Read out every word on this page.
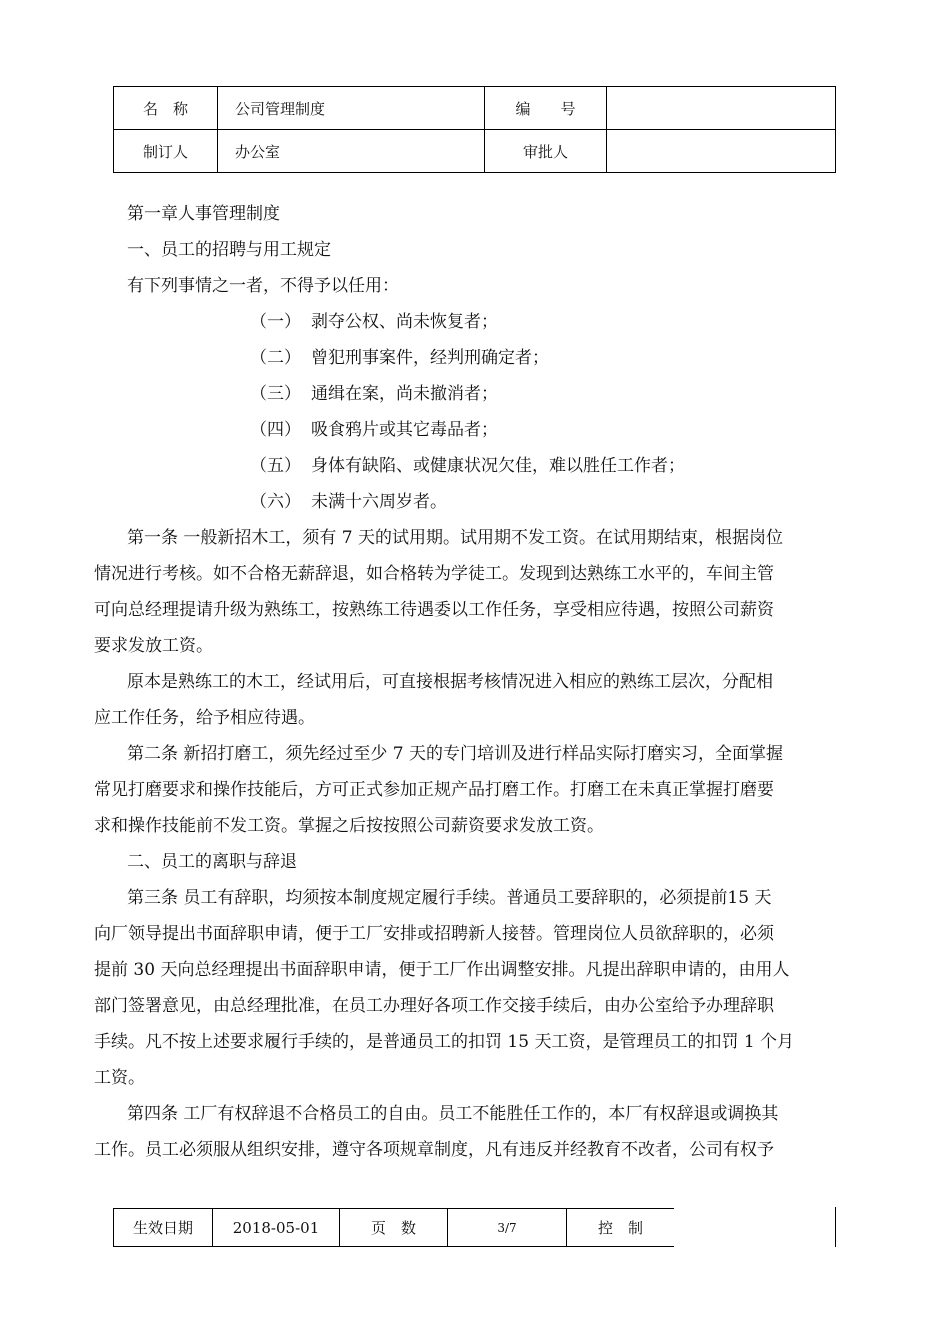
名　称	公司管理制度	编　　号	
制订人	办公室	审批人	
第一章人事管理制度
一、员工的招聘与用工规定
有下列事情之一者，不得予以任用：
（一） 剥夺公权、尚未恢复者；
（二） 曾犯刑事案件，经判刑确定者；
（三） 通缉在案，尚未撤消者；
（四） 吸食鸦片或其它毒品者；
（五） 身体有缺陷、或健康状况欠佳，难以胜任工作者；
（六） 未满十六周岁者。
第一条 一般新招木工，须有 7 天的试用期。试用期不发工资。在试用期结束，根据岗位
情况进行考核。如不合格无薪辞退，如合格转为学徒工。发现到达熟练工水平的，车间主管
可向总经理提请升级为熟练工，按熟练工待遇委以工作任务，享受相应待遇，按照公司薪资
要求发放工资。
原本是熟练工的木工，经试用后，可直接根据考核情况进入相应的熟练工层次，分配相
应工作任务，给予相应待遇。
第二条 新招打磨工，须先经过至少 7 天的专门培训及进行样品实际打磨实习，全面掌握
常见打磨要求和操作技能后，方可正式参加正规产品打磨工作。打磨工在未真正掌握打磨要
求和操作技能前不发工资。掌握之后按按照公司薪资要求发放工资。
二、员工的离职与辞退
第三条 员工有辞职，均须按本制度规定履行手续。普通员工要辞职的，必须提前15 天
向厂领导提出书面辞职申请，便于工厂安排或招聘新人接替。管理岗位人员欲辞职的，必须
提前 30 天向总经理提出书面辞职申请，便于工厂作出调整安排。凡提出辞职申请的，由用人
部门签署意见，由总经理批准，在员工办理好各项工作交接手续后，由办公室给予办理辞职
手续。凡不按上述要求履行手续的，是普通员工的扣罚 15 天工资，是管理员工的扣罚 1 个月
工资。
第四条 工厂有权辞退不合格员工的自由。员工不能胜任工作的，本厂有权辞退或调换其
工作。员工必须服从组织安排，遵守各项规章制度，凡有违反并经教育不改者，公司有权予
生效日期	2018-05-01	页　数	3/7	控　制
